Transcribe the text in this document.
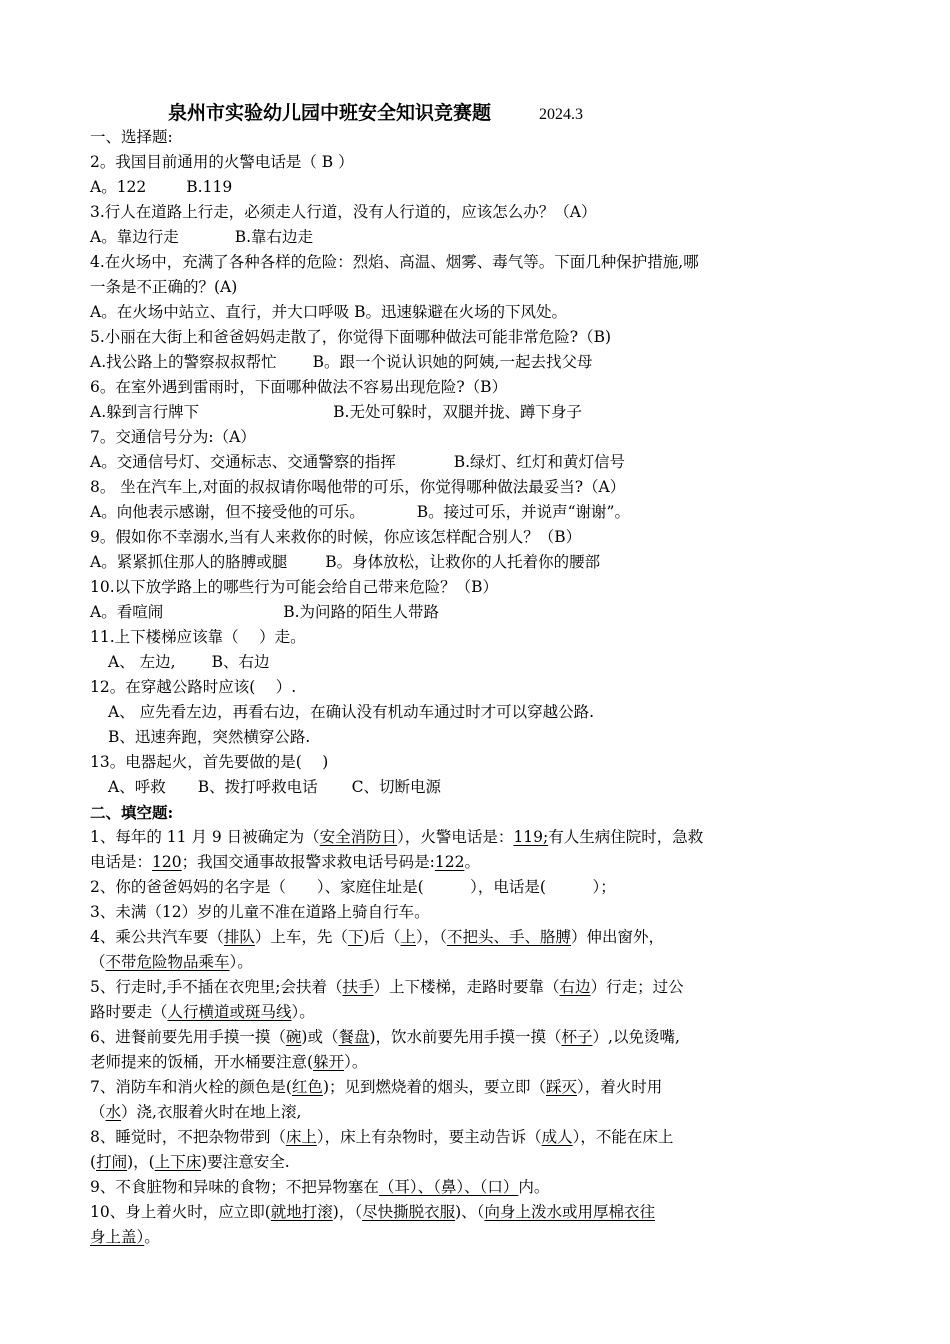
泉州市实验幼儿园中班安全知识竞赛题	2024.3
一、选择题:
2。我国目前通用的火警电话是（ B ）
A。122	B.119
3.行人在道路上行走，必须走人行道，没有人行道的，应该怎么办？（A）
A。靠边行走	B.靠右边走
4.在火场中，充满了各种各样的危险：烈焰、高温、烟雾、毒气等。下面几种保护措施,哪
一条是不正确的？(A)
A。在火场中站立、直行，并大口呼吸 B。迅速躲避在火场的下风处。
5.小丽在大街上和爸爸妈妈走散了，你觉得下面哪种做法可能非常危险?（B)
A.找公路上的警察叔叔帮忙 B。跟一个说认识她的阿姨,一起去找父母
6。在室外遇到雷雨时，下面哪种做法不容易出现危险?（B）
A.躲到言行牌下	B.无处可躲时，双腿并拢、蹲下身子
7。交通信号分为:（A）
A。交通信号灯、交通标志、交通警察的指挥	B.绿灯、红灯和黄灯信号
8。 坐在汽车上,对面的叔叔请你喝他带的可乐，你觉得哪种做法最妥当?（A）
A。向他表示感谢，但不接受他的可乐。	B。接过可乐，并说声“谢谢”。
9。假如你不幸溺水,当有人来救你的时候，你应该怎样配合别人？（B）
A。紧紧抓住那人的胳膊或腿 B。身体放松，让救你的人托着你的腰部
10.以下放学路上的哪些行为可能会给自己带来危险？（B）
A。看喧闹	B.为问路的陌生人带路
11.上下楼梯应该靠（　 ）走。
A、 左边, B、右边
12。在穿越公路时应该(　 ）.
A、 应先看左边，再看右边，在确认没有机动车通过时才可以穿越公路.
B、迅速奔跑，突然横穿公路.
13。电器起火，首先要做的是(　 )
A、呼救 B、拨打呼救电话 C、切断电源
二、填空题:
1、每年的 11 月 9 日被确定为（安全消防日），火警电话是：119;有人生病住院时，急救
电话是：120；我国交通事故报警求救电话号码是:122。
2、你的爸爸妈妈的名字是（　　）、家庭住址是(　　　），电话是(　　　）；
3、未满（12）岁的儿童不准在道路上骑自行车。
4、乘公共汽车要（排队）上车，先（下)后（上），（不把头、手、胳膊）伸出窗外，
（不带危险物品乘车）。
5、行走时,手不插在衣兜里;会扶着（扶手）上下楼梯，走路时要靠（右边）行走；过公
路时要走（人行横道或斑马线）。
6、进餐前要先用手摸一摸（碗)或（餐盘)，饮水前要先用手摸一摸（杯子）,以免烫嘴,
老师提来的饭桶，开水桶要注意(躲开）。
7、消防车和消火栓的颜色是(红色)；见到燃烧着的烟头，要立即（踩灭），着火时用
（水）浇,衣服着火时在地上滚,
8、睡觉时，不把杂物带到（床上），床上有杂物时，要主动告诉（成人），不能在床上
(打闹)，(上下床)要注意安全.
9、不食脏物和异味的食物；不把异物塞在（耳）、（鼻）、（口）内。
10、身上着火时，应立即(就地打滚)，（尽快撕脱衣服)、（向身上泼水或用厚棉衣往
身上盖）。
